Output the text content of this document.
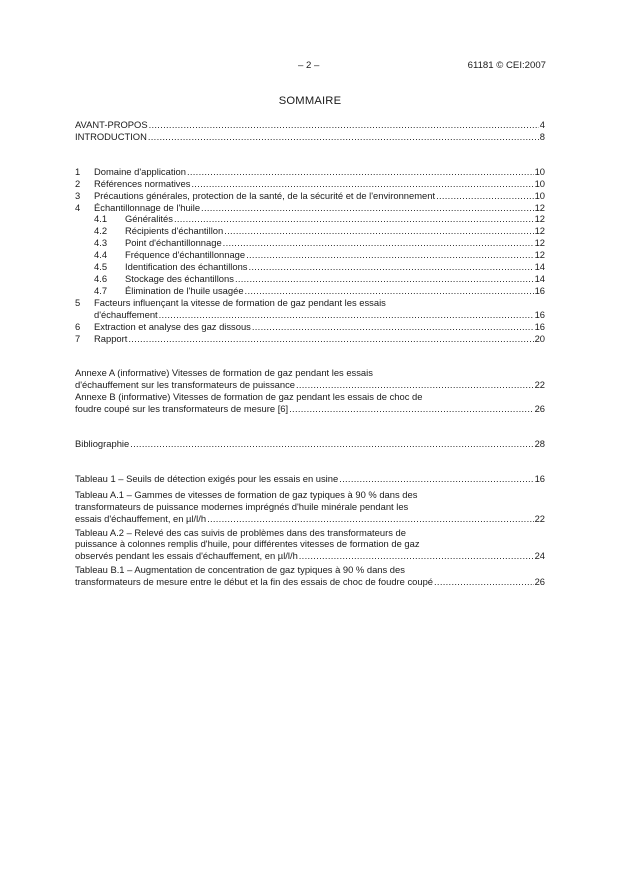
– 2 –	61181 © CEI:2007
SOMMAIRE
AVANT-PROPOS .....	4
INTRODUCTION .....	8
1	Domaine d'application .....	10
2	Références normatives .....	10
3	Précautions générales, protection de la santé, de la sécurité et de l'environnement .....	10
4	Échantillonnage de l'huile .....	12
4.1	Généralités .....	12
4.2	Récipients d'échantillon .....	12
4.3	Point d'échantillonnage .....	12
4.4	Fréquence d'échantillonnage .....	12
4.5	Identification des échantillons .....	14
4.6	Stockage des échantillons .....	14
4.7	Élimination de l'huile usagée .....	16
5	Facteurs influençant la vitesse de formation de gaz pendant les essais
d'échauffement .....	16
6	Extraction et analyse des gaz dissous .....	16
7	Rapport .....	20
Annexe A (informative) Vitesses de formation de gaz pendant les essais
d'échauffement sur les transformateurs de puissance .....	22
Annexe B (informative) Vitesses de formation de gaz pendant les essais de choc de
foudre coupé sur les transformateurs de mesure [6] .....	26
Bibliographie .....	28
Tableau 1 – Seuils de détection exigés pour les essais en usine .....	16
Tableau A.1 – Gammes de vitesses de formation de gaz typiques à 90 % dans des
transformateurs de puissance modernes imprégnés d'huile minérale pendant les
essais d'échauffement, en µl/l/h .....	22
Tableau A.2 – Relevé des cas suivis de problèmes dans des transformateurs de
puissance à colonnes remplis d'huile, pour différentes vitesses de formation de gaz
observés pendant les essais d'échauffement, en µl/l/h .....	24
Tableau B.1 – Augmentation de concentration de gaz typiques à 90 % dans des
transformateurs de mesure entre le début et la fin des essais de choc de foudre coupé .....	26
